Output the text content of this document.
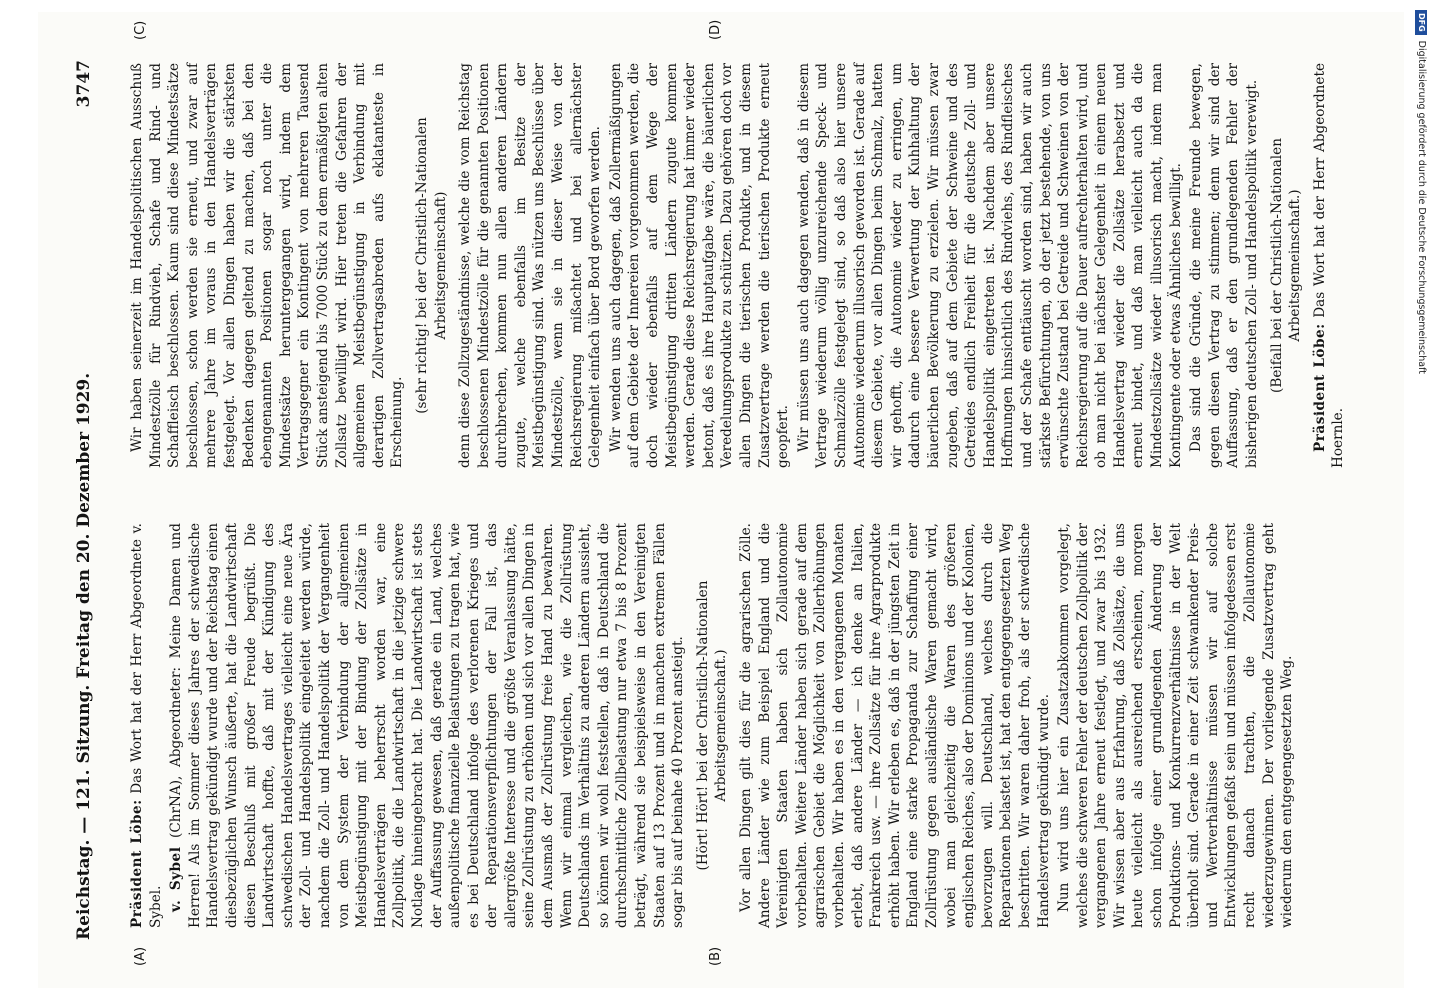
Reichstag. — 121. Sitzung. Freitag den 20. Dezember 1929.
3747
(A)	(B)
(C)	(D)

Präsident Löbe: Das Wort hat der Herr Abgeordnete v. Sybel. v. Sybel (ChrNA), Abgeordneter: Meine Damen und Herren! Als im Sommer dieses Jahres der schwedische Handelsvertrag gekündigt wurde und der Reichstag einen diesbezüglichen Wunsch äußerte, hat die Landwirtschaft diesen Beschluß mit großer Freude begrüßt. Die Landwirtschaft hoffte, daß mit der Kündigung des schwedischen Handelsvertrages vielleicht eine neue Ära der Zoll- und Handelspolitik eingeleitet werden würde, nachdem die Zoll- und Handelspolitik der Vergangenheit von dem System der Verbindung der allgemeinen Meistbegünstigung mit der Bindung der Zollsätze in Handelsverträgen beherrscht worden war, eine Zollpolitik, die die Landwirtschaft in die jetzige schwere Notlage hineingebracht hat. Die Landwirtschaft ist stets der Auffassung gewesen, daß gerade ein Land, welches außenpolitische finanzielle Belastungen zu tragen hat, wie es bei Deutschland infolge des verlorenen Krieges und der Reparationsverpflichtungen der Fall ist, das allergrößte Interesse und die größte Veranlassung hätte, seine Zollrüstung zu erhöhen und sich vor allen Dingen in dem Ausmaß der Zollrüstung freie Hand zu bewahren. Wenn wir einmal vergleichen, wie die Zollrüstung Deutschlands im Verhältnis zu anderen Ländern aussieht, so können wir wohl feststellen, daß in Deutschland die durchschnittliche Zollbelastung nur etwa 7 bis 8 Prozent beträgt, während sie beispielsweise in den Vereinigten Staaten auf 13 Prozent und in manchen extremen Fällen sogar bis auf beinahe 40 Prozent ansteigt. (Hört! Hört! bei der Christlich-Nationalen Arbeitsgemeinschaft.) Vor allen Dingen gilt dies für die agrarischen Zölle. Andere Länder wie zum Beispiel England und die Vereinigten Staaten haben sich Zollautonomie vorbehalten. Weitere Länder haben sich gerade auf dem agrarischen Gebiet die Möglichkeit von Zollerhöhungen vorbehalten. Wir haben es in den vergangenen Monaten erlebt, daß andere Länder — ich denke an Italien, Frankreich usw. — ihre Zollsätze für ihre Agrarprodukte erhöht haben. Wir erleben es, daß in der jüngsten Zeit in England eine starke Propaganda zur Schaffung einer Zollrüstung gegen ausländische Waren gemacht wird, wobei man gleichzeitig die Waren des größeren englischen Reiches, also der Dominions und der Kolonien, bevorzugen will. Deutschland, welches durch die Reparationen belastet ist, hat den entgegengesetzten Weg beschritten. Wir waren daher froh, als der schwedische Handelsvertrag gekündigt wurde. Nun wird uns hier ein Zusatzabkommen vorgelegt, welches die schweren Fehler der deutschen Zollpolitik der vergangenen Jahre erneut festlegt, und zwar bis 1932. Wir wissen aber aus Erfahrung, daß Zollsätze, die uns heute vielleicht als ausreichend erscheinen, morgen schon infolge einer grundlegenden Änderung der Produktions- und Konkurrenzverhältnisse in der Welt überholt sind. Gerade in einer Zeit schwankender Preis- und Wertverhältnisse müssen wir auf solche Entwicklungen gefaßt sein und müssen infolgedessen erst recht danach trachten, die Zollautonomie wiederzugewinnen. Der vorliegende Zusatzvertrag geht wiederum den entgegengesetzten Weg.

Wir haben seinerzeit im Handelspolitischen Ausschuß Mindestzölle für Rindvieh, Schafe und Rind- und Schaffleisch beschlossen. Kaum sind diese Mindestsätze beschlossen, schon werden sie erneut, und zwar auf mehrere Jahre im voraus in den Handelsverträgen festgelegt. Vor allen Dingen haben wir die stärksten Bedenken dagegen geltend zu machen, daß bei den ebengenannten Positionen sogar noch unter die Mindestsätze heruntergegangen wird, indem dem Vertragsgegner ein Kontingent von mehreren Tausend Stück ansteigend bis 7000 Stück zu dem ermäßigten alten Zollsatz bewilligt wird. Hier treten die Gefahren der allgemeinen Meistbegünstigung in Verbindung mit derartigen Zollvertragsabreden aufs eklatanteste in Erscheinung.

(sehr richtig! bei der Christlich-Nationalen Arbeitsgemeinschaft) denn diese Zollzugeständnisse, welche die vom Reichstag beschlossenen Mindestzölle für die genannten Positionen durchbrechen, kommen nun allen anderen Ländern zugute, welche ebenfalls im Besitze der Meistbegünstigung sind. Was nützen uns Beschlüsse über Mindestzölle, wenn sie in dieser Weise von der Reichsregierung mißachtet und bei allernächster Gelegenheit einfach über Bord geworfen werden. Wir wenden uns auch dagegen, daß Zollermäßigungen auf dem Gebiete der Innereien vorgenommen werden, die doch wieder ebenfalls auf dem Wege der Meistbegünstigung dritten Ländern zugute kommen werden. Gerade diese Reichsregierung hat immer wieder betont, daß es ihre Hauptaufgabe wäre, die bäuerlichen Veredelungsprodukte zu schützen. Dazu gehören doch vor allen Dingen die tierischen Produkte, und in diesem Zusatzvertrage werden die tierischen Produkte erneut geopfert. Wir müssen uns auch dagegen wenden, daß in diesem Vertrage wiederum völlig unzureichende Speck- und Schmalzzölle festgelegt sind, so daß also hier unsere Autonomie wiederum illusorisch geworden ist. Gerade auf diesem Gebiete, vor allen Dingen beim Schmalz, hatten wir gehofft, die Autonomie wieder zu erringen, um dadurch eine bessere Verwertung der Kuhhaltung der bäuerlichen Bevölkerung zu erzielen. Wir müssen zwar zugeben, daß auf dem Gebiete der Schweine und des Getreides endlich Freiheit für die deutsche Zoll- und Handelspolitik eingetreten ist. Nachdem aber unsere Hoffnungen hinsichtlich des Rindviehs, des Rindfleisches und der Schafe enttäuscht worden sind, haben wir auch stärkste Befürchtungen, ob der jetzt bestehende, von uns erwünschte Zustand bei Getreide und Schweinen von der Reichsregierung auf die Dauer aufrechterhalten wird, und ob man nicht bei nächster Gelegenheit in einem neuen Handelsvertrag wieder die Zollsätze herabsetzt und erneut bindet, und daß man vielleicht auch da die Mindestzollsätze wieder illusorisch macht, indem man Kontingente oder etwas Ähnliches bewilligt. Das sind die Gründe, die meine Freunde bewegen, gegen diesen Vertrag zu stimmen; denn wir sind der Auffassung, daß er den grundlegenden Fehler der bisherigen deutschen Zoll- und Handelspolitik verewigt. (Beifall bei der Christlich-Nationalen Arbeitsgemeinschaft.)

Präsident Löbe: Das Wort hat der Herr Abgeordnete Hoernle.

DFG
Digitalisierung gefördert durch die Deutsche Forschungsgemeinschaft
